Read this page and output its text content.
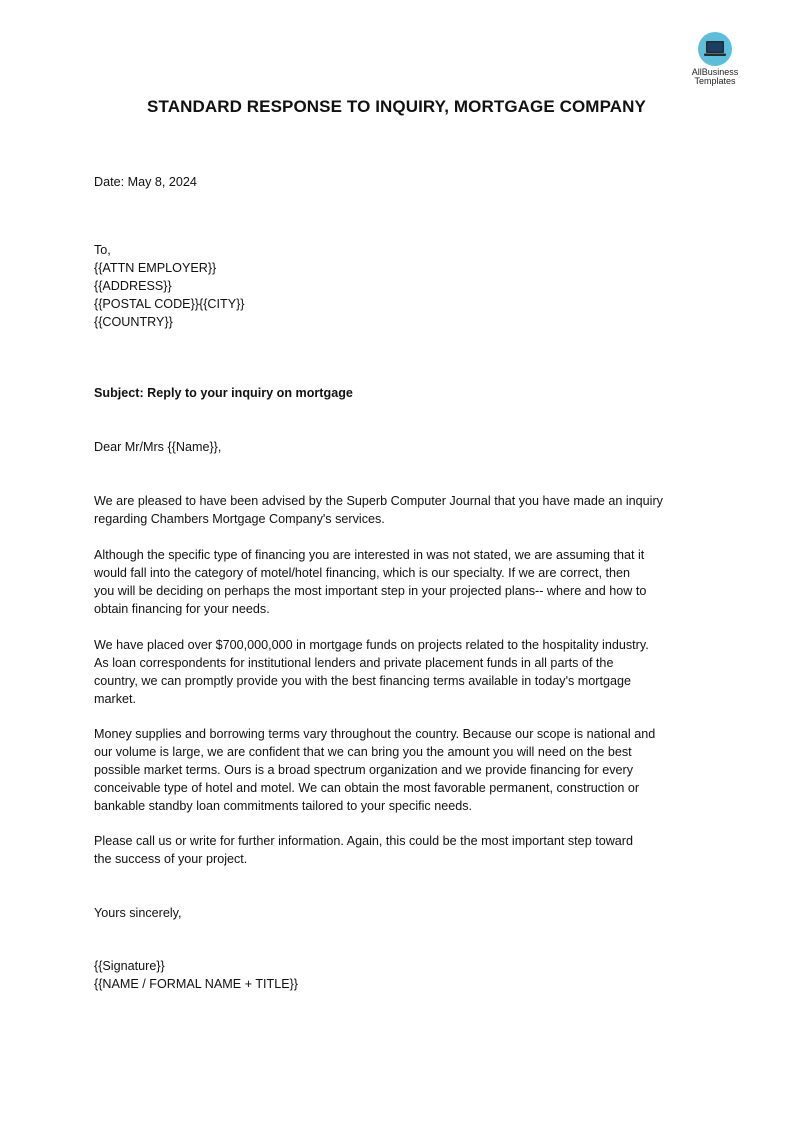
AllBusiness
Templates
STANDARD RESPONSE TO INQUIRY, MORTGAGE COMPANY

Date: May 8, 2024

To,
{{ATTN EMPLOYER}}
{{ADDRESS}}
{{POSTAL CODE}}{{CITY}}
{{COUNTRY}}

Subject: Reply to your inquiry on mortgage

Dear Mr/Mrs {{Name}},

We are pleased to have been advised by the Superb Computer Journal that you have made an inquiry
regarding Chambers Mortgage Company's services.
Although the specific type of financing you are interested in was not stated, we are assuming that it
would fall into the category of motel/hotel financing, which is our specialty. If we are correct, then
you will be deciding on perhaps the most important step in your projected plans-- where and how to
obtain financing for your needs.
We have placed over $700,000,000 in mortgage funds on projects related to the hospitality industry.
As loan correspondents for institutional lenders and private placement funds in all parts of the
country, we can promptly provide you with the best financing terms available in today's mortgage
market.
Money supplies and borrowing terms vary throughout the country. Because our scope is national and
our volume is large, we are confident that we can bring you the amount you will need on the best
possible market terms. Ours is a broad spectrum organization and we provide financing for every
conceivable type of hotel and motel. We can obtain the most favorable permanent, construction or
bankable standby loan commitments tailored to your specific needs.
Please call us or write for further information. Again, this could be the most important step toward
the success of your project.

Yours sincerely,

{{Signature}}
{{NAME / FORMAL NAME + TITLE}}
